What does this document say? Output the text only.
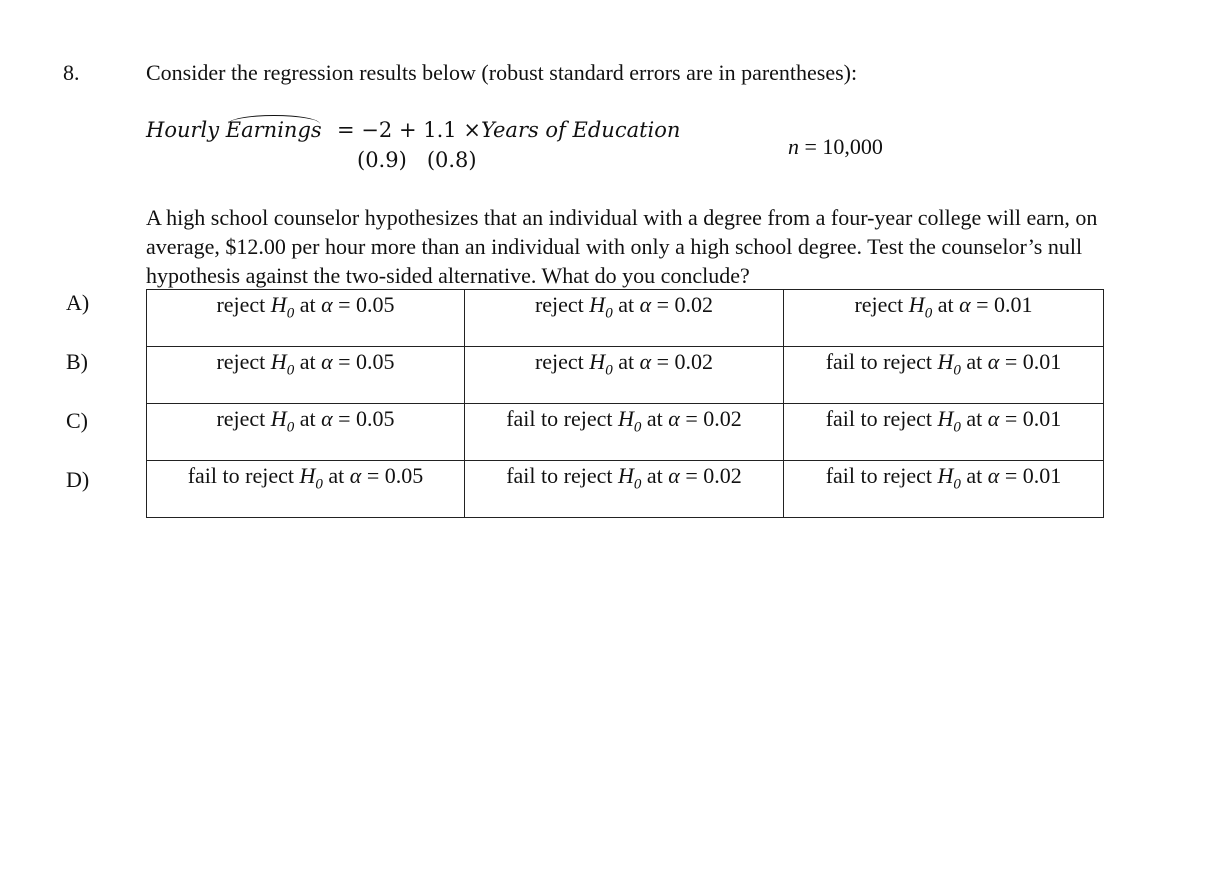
8.	Consider the regression results below (robust standard errors are in parentheses):
Hourly Earnings = −2 + 1.1 ×Years of Education
(0.9) (0.8)
n = 10,000
A high school counselor hypothesizes that an individual with a degree from a four-year college will earn, on average, $12.00 per hour more than an individual with only a high school degree. Test the counselor’s null hypothesis against the two-sided alternative. What do you conclude?
A)
B)
C)
D)
reject $H_0$ at α = 0.05	reject $H_0$ at α = 0.02	reject $H_0$ at α = 0.01
reject $H_0$ at α = 0.05	reject $H_0$ at α = 0.02	fail to reject $H_0$ at α = 0.01
reject $H_0$ at α = 0.05	fail to reject $H_0$ at α = 0.02	fail to reject $H_0$ at α = 0.01
fail to reject $H_0$ at α = 0.05	fail to reject $H_0$ at α = 0.02	fail to reject $H_0$ at α = 0.01
